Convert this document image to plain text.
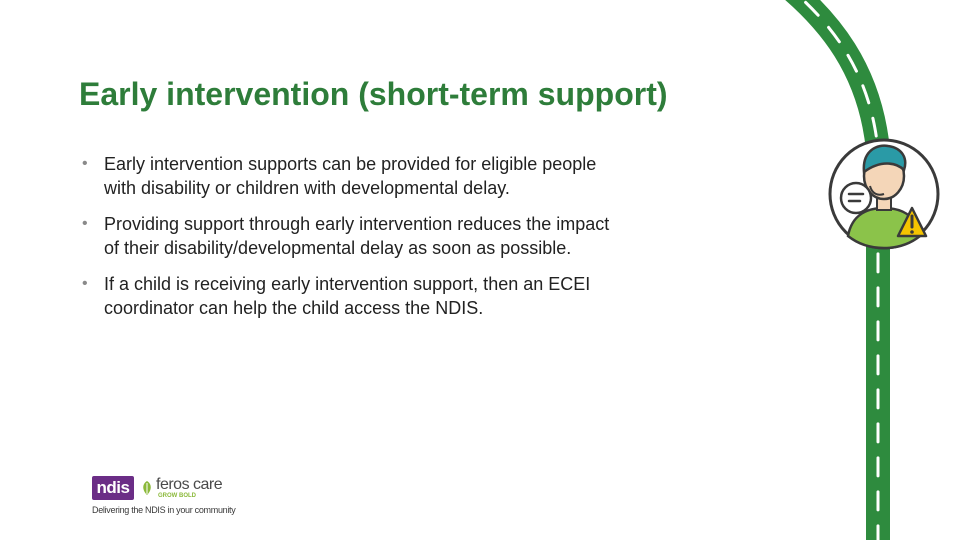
Early intervention (short-term support)
• Early intervention supports can be provided for eligible people
with disability or children with developmental delay.
• Providing support through early intervention reduces the impact
of their disability/developmental delay as soon as possible.
• If a child is receiving early intervention support, then an ECEI
coordinator can help the child access the NDIS.
ndis feros care
GROW BOLD
Delivering the NDIS in your community
